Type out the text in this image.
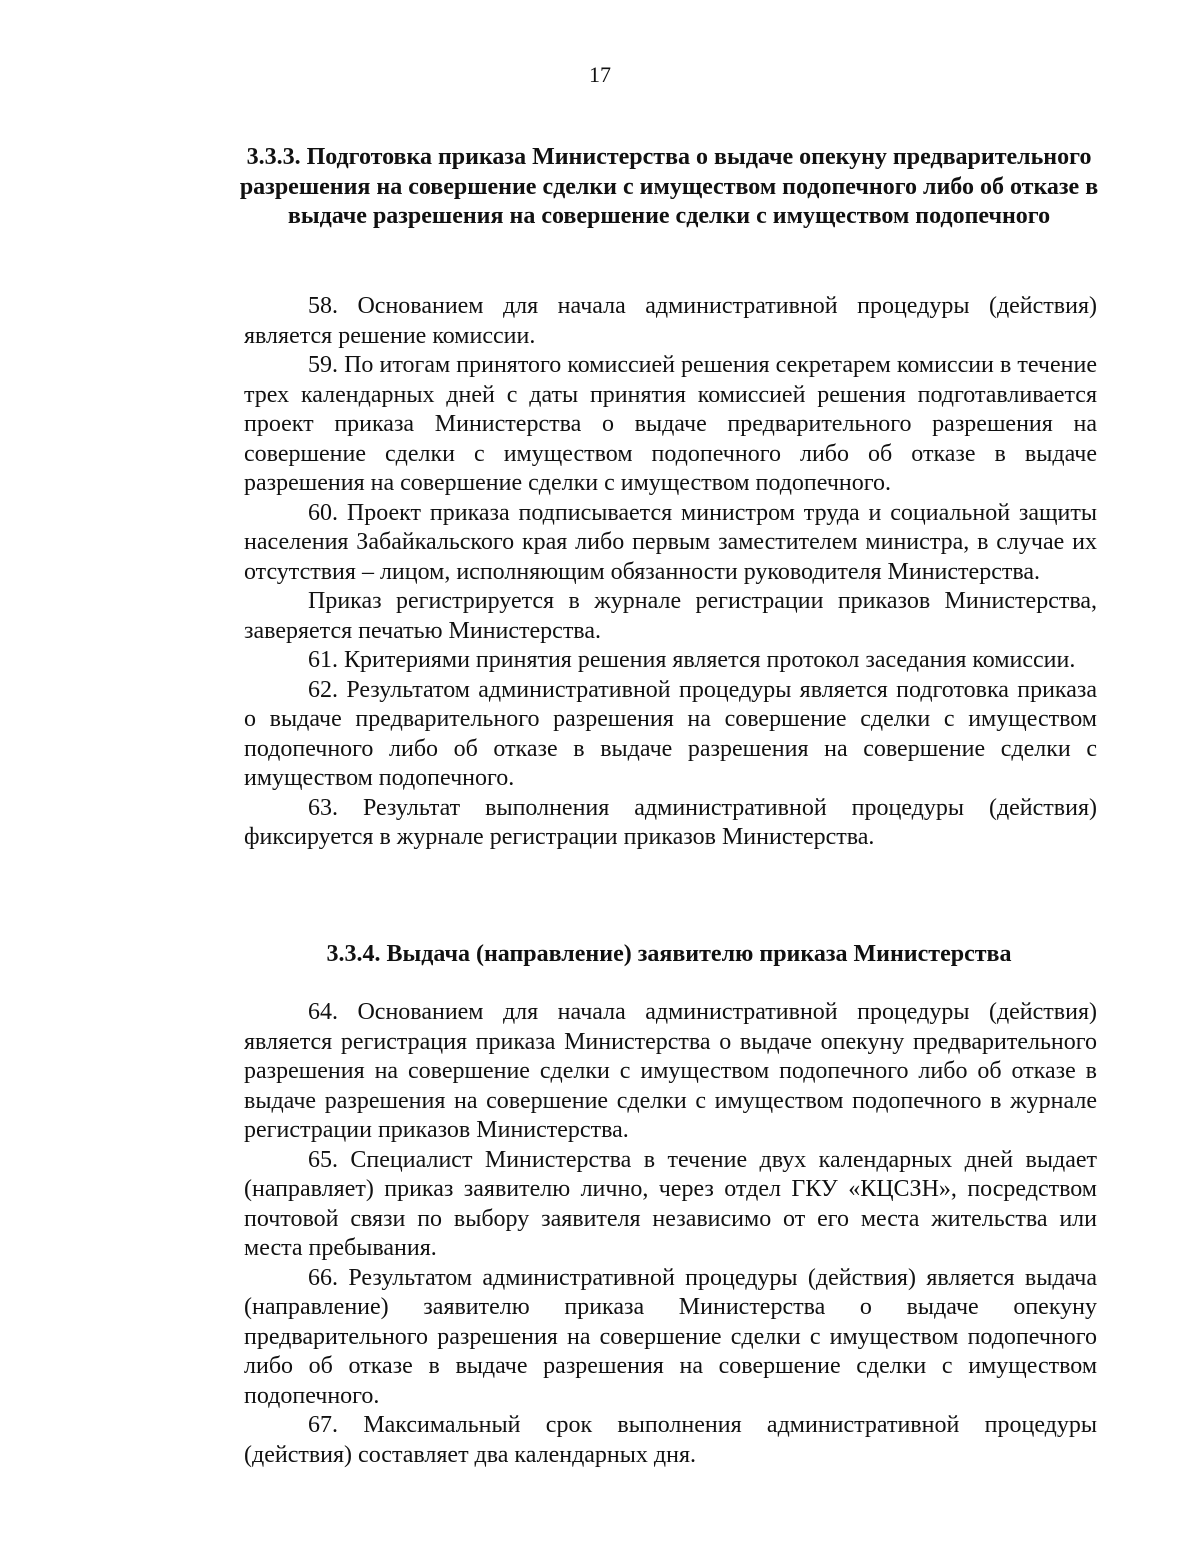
17
3.3.3. Подготовка приказа Министерства о выдаче опекуну предварительного разрешения на совершение сделки с имуществом подопечного либо об отказе в выдаче разрешения на совершение сделки с имуществом подопечного

58. Основанием для начала административной процедуры (действия) является решение комиссии.

59. По итогам принятого комиссией решения секретарем комиссии в течение трех календарных дней с даты принятия комиссией решения подготавливается проект приказа Министерства о выдаче предварительного разрешения на совершение сделки с имуществом подопечного либо об отказе в выдаче разрешения на совершение сделки с имуществом подопечного.

60. Проект приказа подписывается министром труда и социальной защиты населения Забайкальского края либо первым заместителем министра, в случае их отсутствия – лицом, исполняющим обязанности руководителя Министерства.

Приказ регистрируется в журнале регистрации приказов Министерства, заверяется печатью Министерства.

61. Критериями принятия решения является протокол заседания комиссии.

62. Результатом административной процедуры является подготовка приказа о выдаче предварительного разрешения на совершение сделки с имуществом подопечного либо об отказе в выдаче разрешения на совершение сделки с имуществом подопечного.

63. Результат выполнения административной процедуры (действия) фиксируется в журнале регистрации приказов Министерства.

3.3.4. Выдача (направление) заявителю приказа Министерства

64. Основанием для начала административной процедуры (действия) является регистрация приказа Министерства о выдаче опекуну предварительного разрешения на совершение сделки с имуществом подопечного либо об отказе в выдаче разрешения на совершение сделки с имуществом подопечного в журнале регистрации приказов Министерства.

65. Специалист Министерства в течение двух календарных дней выдает (направляет) приказ заявителю лично, через отдел ГКУ «КЦСЗН», посредством почтовой связи по выбору заявителя независимо от его места жительства или места пребывания.

66. Результатом административной процедуры (действия) является выдача (направление) заявителю приказа Министерства о выдаче опекуну предварительного разрешения на совершение сделки с имуществом подопечного либо об отказе в выдаче разрешения на совершение сделки с имуществом подопечного.

67. Максимальный срок выполнения административной процедуры (действия) составляет два календарных дня.
